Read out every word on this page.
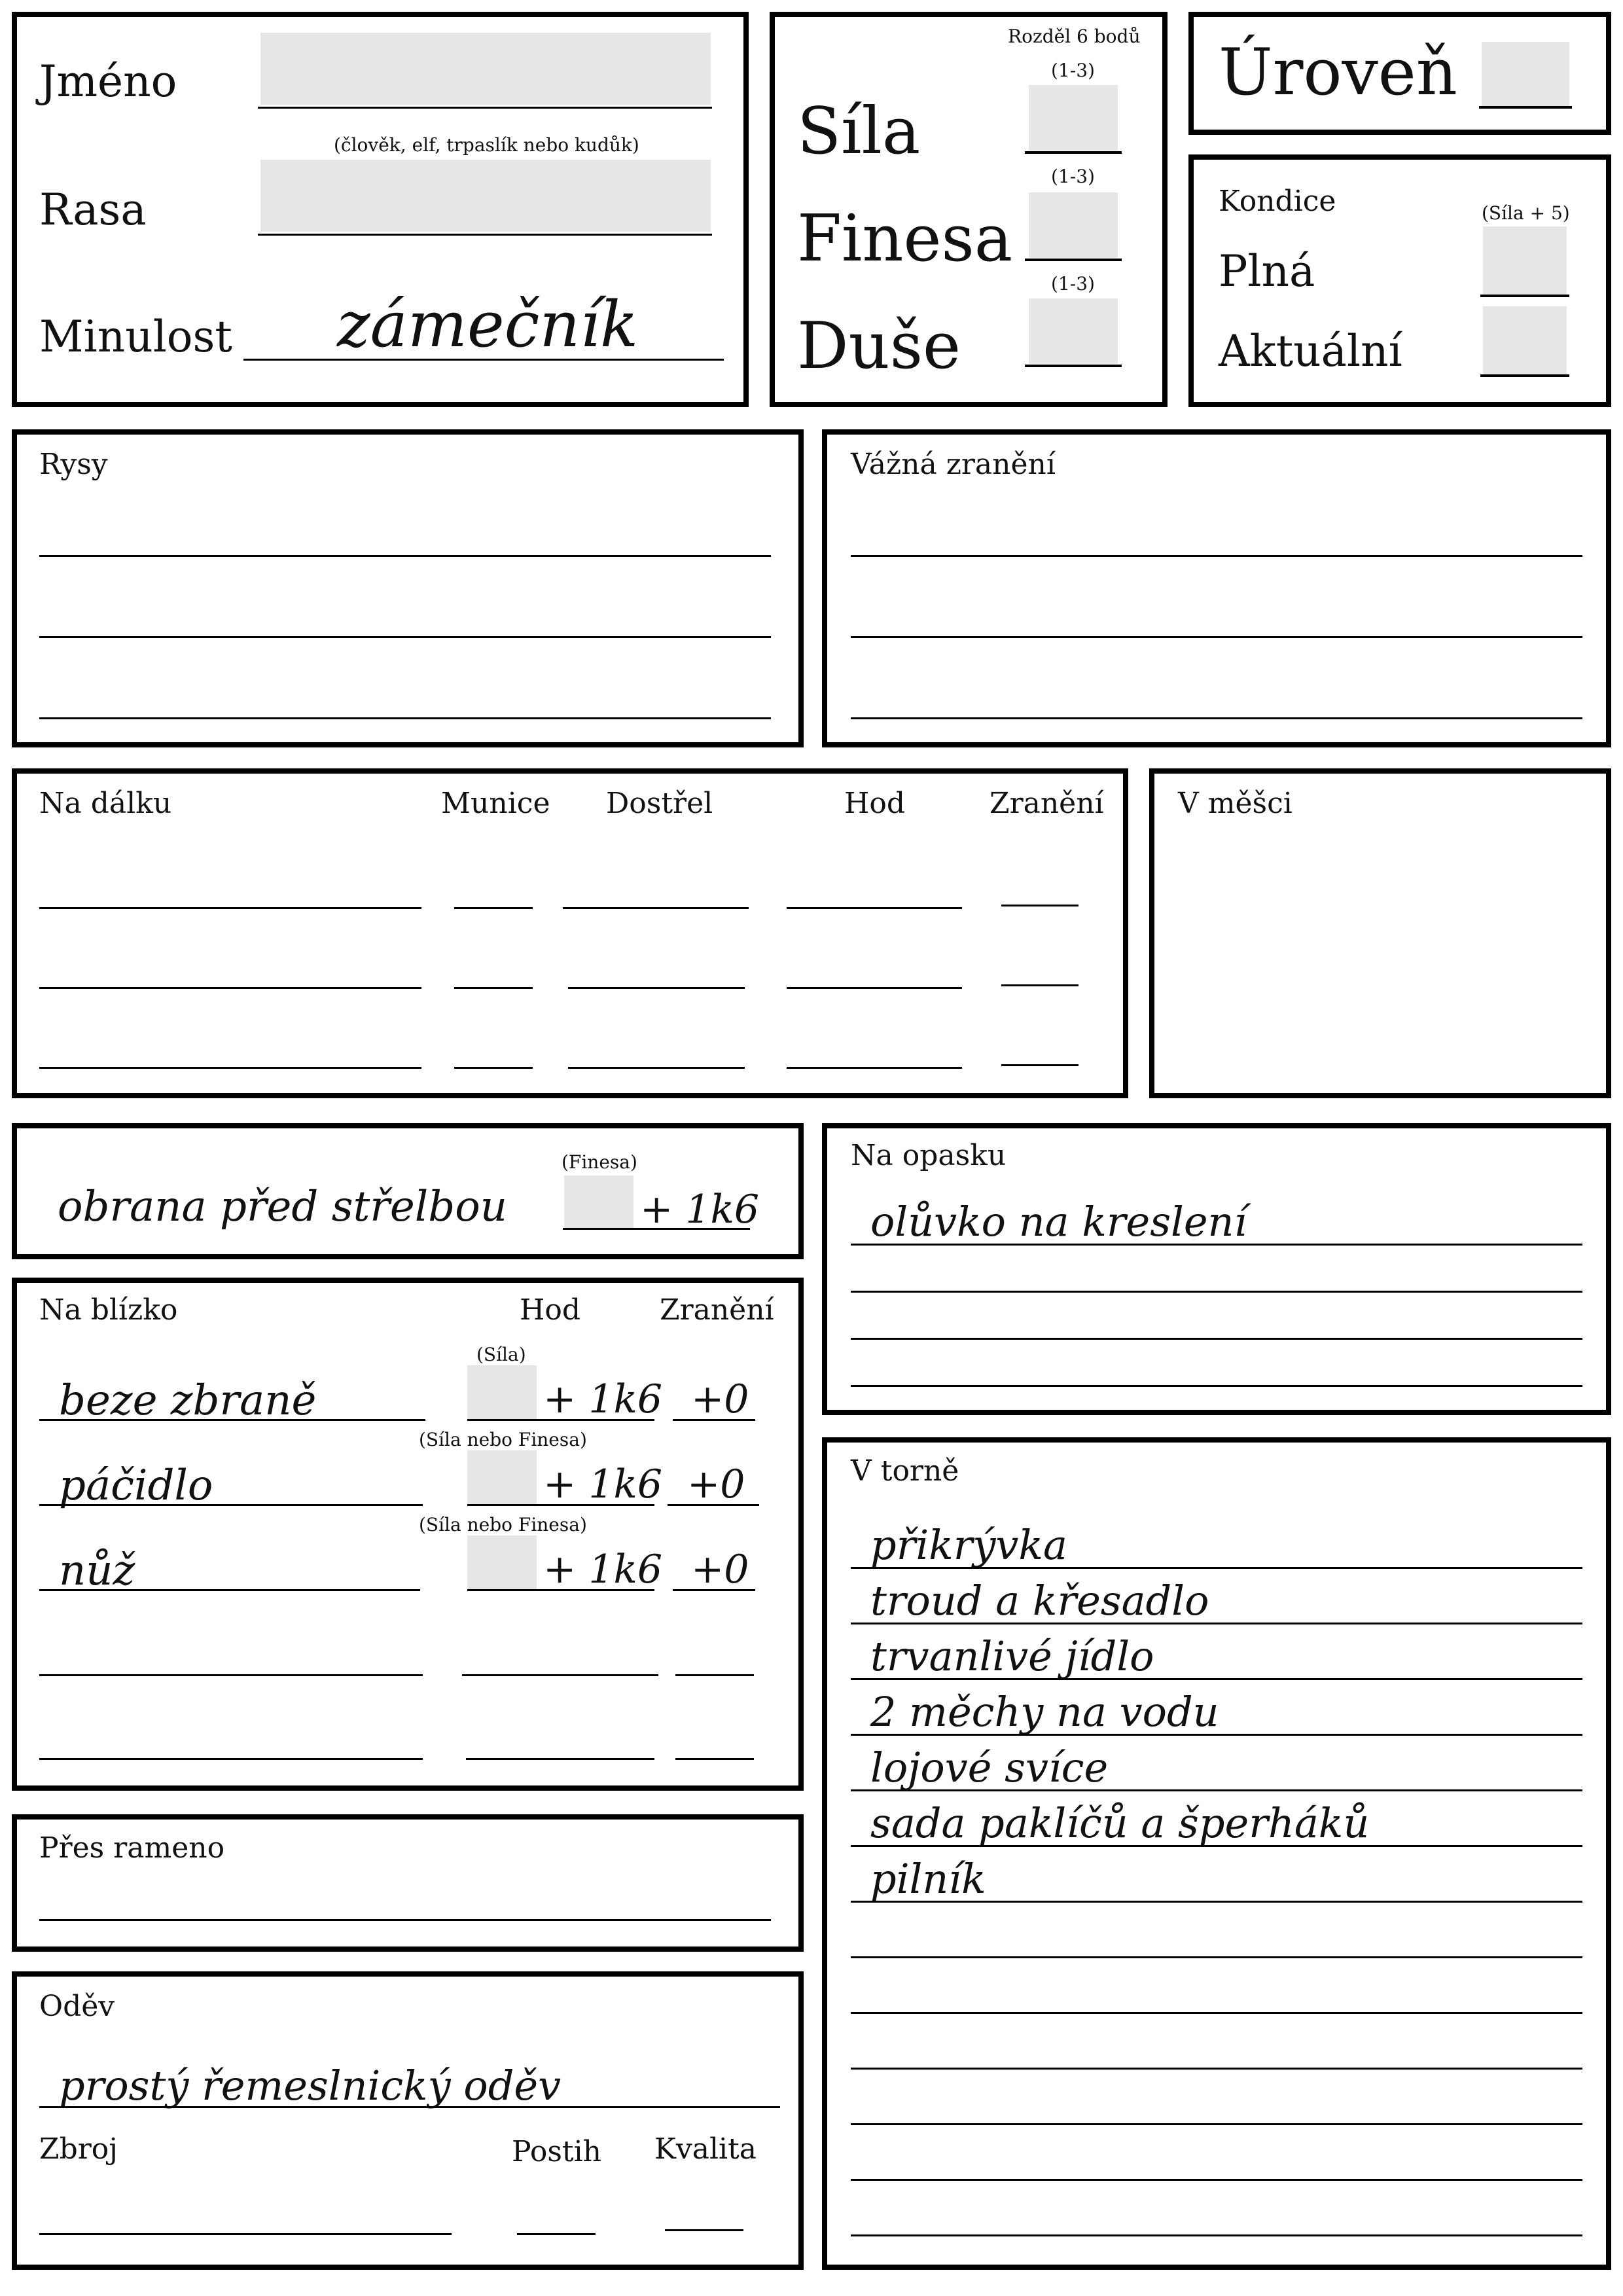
Jméno
(člověk, elf, trpaslík nebo kudůk)
Rasa
Minulost zámečník
Rozděl 6 bodů
(1-3)
Síla
(1-3)
Finesa
(1-3)
Duše
Úroveň
Kondice	(Síla + 5)
Plná
Aktuální
Rysy	Vážná zranění
Na dálku	Munice Dostřel	Hod	Zranění	V měšci
(Finesa)
obrana před střelbou	+ 1k6
Na opasku
olůvko na kreslení
Na blízko	Hod	Zranění
(Síla)
beze zbraně	+ 1k6 +0
(Síla nebo Finesa)
páčidlo	+ 1k6 +0
(Síla nebo Finesa)
nůž	+ 1k6 +0
V torně
přikrývka
troud a křesadlo
trvanlivé jídlo
2 měchy na vodu
lojové svíce
sada paklíčů a šperháků
pilník
Přes rameno
Oděv
prostý řemeslnický oděv
Zbroj	Postih Kvalita
